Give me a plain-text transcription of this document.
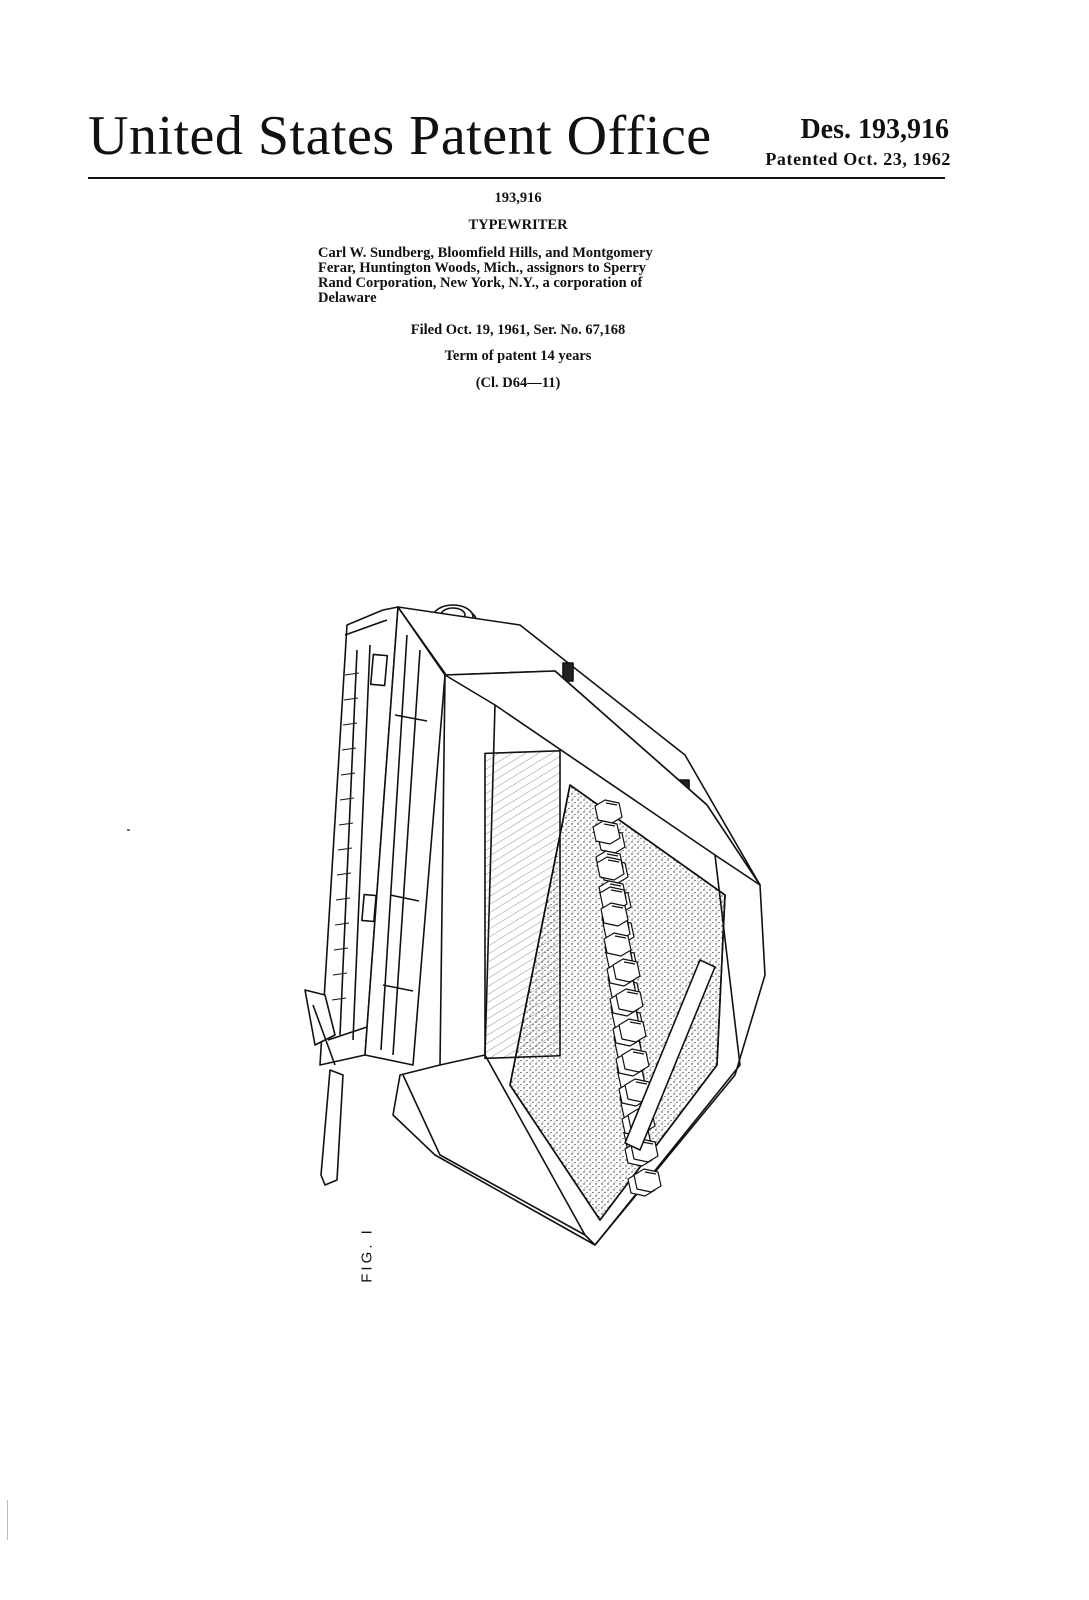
United States Patent Office	Des. 193,916
Patented Oct. 23, 1962
193,916
TYPEWRITER
Carl W. Sundberg, Bloomfield Hills, and Montgomery
Ferar, Huntington Woods, Mich., assignors to Sperry
Rand Corporation, New York, N.Y., a corporation of
Delaware
Filed Oct. 19, 1961, Ser. No. 67,168
Term of patent 14 years
(Cl. D64—11)
FIG. I
